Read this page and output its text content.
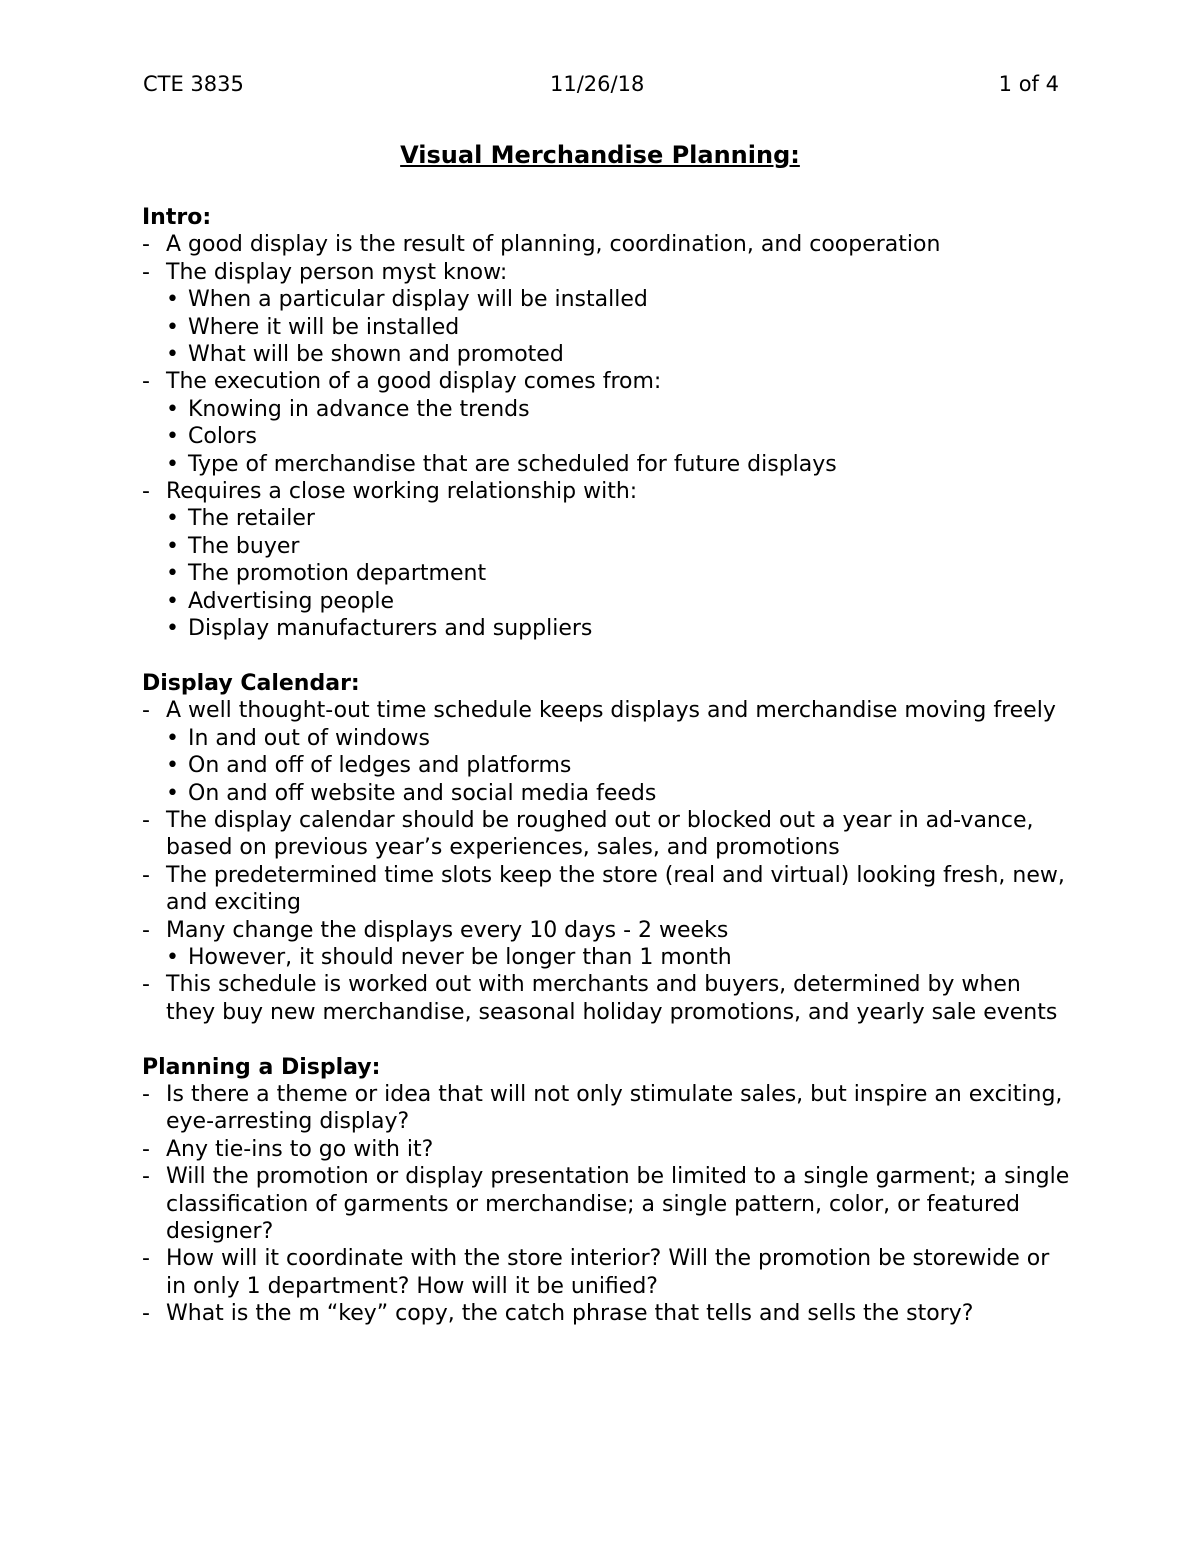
CTE 3835	11/26/18	1 of 4
Visual Merchandise Planning:
Intro:
- A good display is the result of planning, coordination, and cooperation
- The display person myst know:
• When a particular display will be installed
• Where it will be installed
• What will be shown and promoted
- The execution of a good display comes from:
• Knowing in advance the trends
• Colors
• Type of merchandise that are scheduled for future displays
- Requires a close working relationship with:
• The retailer
• The buyer
• The promotion department
• Advertising people
• Display manufacturers and suppliers
Display Calendar:
- A well thought-out time schedule keeps displays and merchandise moving freely
• In and out of windows
• On and off of ledges and platforms
• On and off website and social media feeds
- The display calendar should be roughed out or blocked out a year in ad-vance, based on previous year’s experiences, sales, and promotions
- The predetermined time slots keep the store (real and virtual) looking fresh, new, and exciting
- Many change the displays every 10 days - 2 weeks
• However, it should never be longer than 1 month
- This schedule is worked out with merchants and buyers, determined by when they buy new merchandise, seasonal holiday promotions, and yearly sale events
Planning a Display:
- Is there a theme or idea that will not only stimulate sales, but inspire an exciting, eye-arresting display?
- Any tie-ins to go with it?
- Will the promotion or display presentation be limited to a single garment; a single classification of garments or merchandise; a single pattern, color, or featured designer?
- How will it coordinate with the store interior? Will the promotion be storewide or in only 1 department? How will it be unified?
- What is the m “key” copy, the catch phrase that tells and sells the story?
